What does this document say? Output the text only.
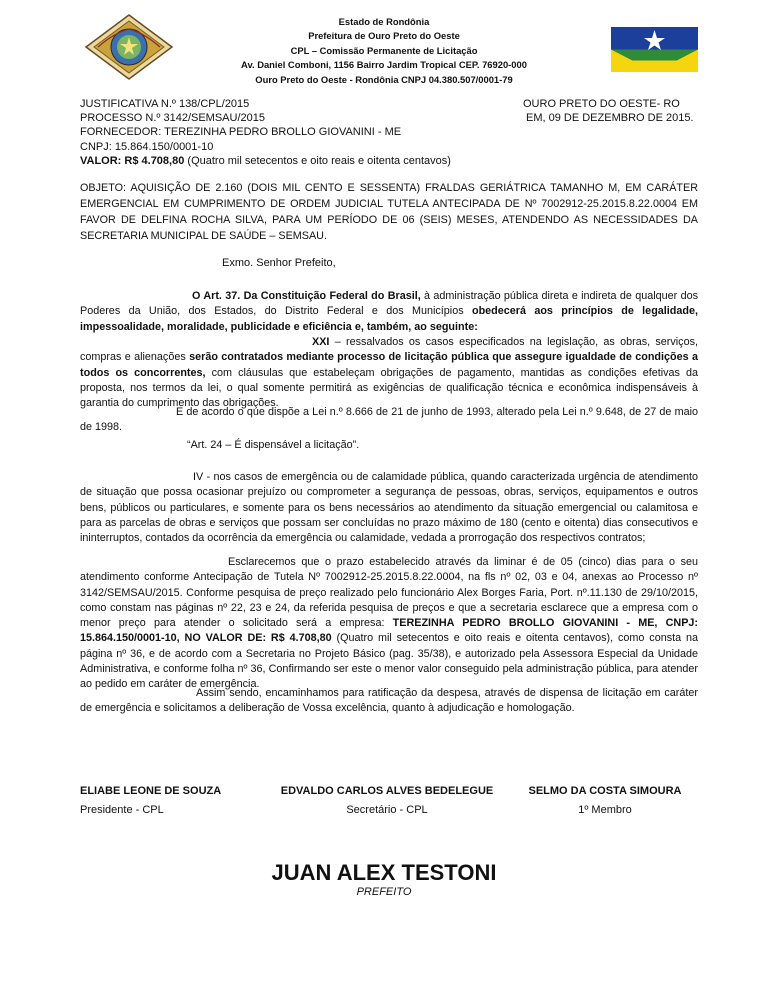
Estado de Rondônia
Prefeitura de Ouro Preto do Oeste
CPL – Comissão Permanente de Licitação
Av. Daniel Comboni, 1156 Bairro Jardim Tropical CEP. 76920-000
Ouro Preto do Oeste - Rondônia CNPJ 04.380.507/0001-79
JUSTIFICATIVA N.º 138/CPL/2015
PROCESSO N.º 3142/SEMSAU/2015
FORNECEDOR: TEREZINHA PEDRO BROLLO GIOVANINI - ME
CNPJ: 15.864.150/0001-10
VALOR: R$ 4.708,80 (Quatro mil setecentos e oito reais e oitenta centavos)
OURO PRETO DO OESTE- RO
EM, 09 DE DEZEMBRO DE 2015.
OBJETO: AQUISIÇÃO DE 2.160 (DOIS MIL CENTO E SESSENTA) FRALDAS GERIÁTRICA TAMANHO M, EM CARÁTER EMERGENCIAL EM CUMPRIMENTO DE ORDEM JUDICIAL TUTELA ANTECIPADA DE Nº 7002912-25.2015.8.22.0004 EM FAVOR DE DELFINA ROCHA SILVA, PARA UM PERÍODO DE 06 (SEIS) MESES, ATENDENDO AS NECESSIDADES DA SECRETARIA MUNICIPAL DE SAÚDE – SEMSAU.
Exmo. Senhor Prefeito,
O Art. 37. Da Constituição Federal do Brasil, à administração pública direta e indireta de qualquer dos Poderes da União, dos Estados, do Distrito Federal e dos Municípios obedecerá aos princípios de legalidade, impessoalidade, moralidade, publicidade e eficiência e, também, ao seguinte:
XXI – ressalvados os casos especificados na legislação, as obras, serviços, compras e alienações serão contratados mediante processo de licitação pública que assegure igualdade de condições a todos os concorrentes, com cláusulas que estabeleçam obrigações de pagamento, mantidas as condições efetivas da proposta, nos termos da lei, o qual somente permitirá as exigências de qualificação técnica e econômica indispensáveis à garantia do cumprimento das obrigações.
E de acordo o que dispõe a Lei n.º 8.666 de 21 de junho de 1993, alterado pela Lei n.º 9.648, de 27 de maio de 1998.
“Art. 24 – É dispensável a licitação”.
IV - nos casos de emergência ou de calamidade pública, quando caracterizada urgência de atendimento de situação que possa ocasionar prejuízo ou comprometer a segurança de pessoas, obras, serviços, equipamentos e outros bens, públicos ou particulares, e somente para os bens necessários ao atendimento da situação emergencial ou calamitosa e para as parcelas de obras e serviços que possam ser concluídas no prazo máximo de 180 (cento e oitenta) dias consecutivos e ininterruptos, contados da ocorrência da emergência ou calamidade, vedada a prorrogação dos respectivos contratos;
Esclarecemos que o prazo estabelecido através da liminar é de 05 (cinco) dias para o seu atendimento conforme Antecipação de Tutela Nº 7002912-25.2015.8.22.0004, na fls nº 02, 03 e 04, anexas ao Processo nº 3142/SEMSAU/2015. Conforme pesquisa de preço realizado pelo funcionário Alex Borges Faria, Port. nº.11.130 de 29/10/2015, como constam nas páginas nº 22, 23 e 24, da referida pesquisa de preços e que a secretaria esclarece que a empresa com o menor preço para atender o solicitado será a empresa: TEREZINHA PEDRO BROLLO GIOVANINI - ME, CNPJ: 15.864.150/0001-10, NO VALOR DE: R$ 4.708,80 (Quatro mil setecentos e oito reais e oitenta centavos), como consta na página nº 36, e de acordo com a Secretaria no Projeto Básico (pag. 35/38), e autorizado pela Assessora Especial da Unidade Administrativa, e conforme folha nº 36, Confirmando ser este o menor valor conseguido pela administração pública, para atender ao pedido em caráter de emergência.
Assim sendo, encaminhamos para ratificação da despesa, através de dispensa de licitação em caráter de emergência e solicitamos a deliberação de Vossa excelência, quanto à adjudicação e homologação.
ELIABE LEONE DE SOUZA
Presidente - CPL
EDVALDO CARLOS ALVES BEDELEGUE
Secretário - CPL
SELMO DA COSTA SIMOURA
1º Membro
JUAN ALEX TESTONI
PREFEITO
